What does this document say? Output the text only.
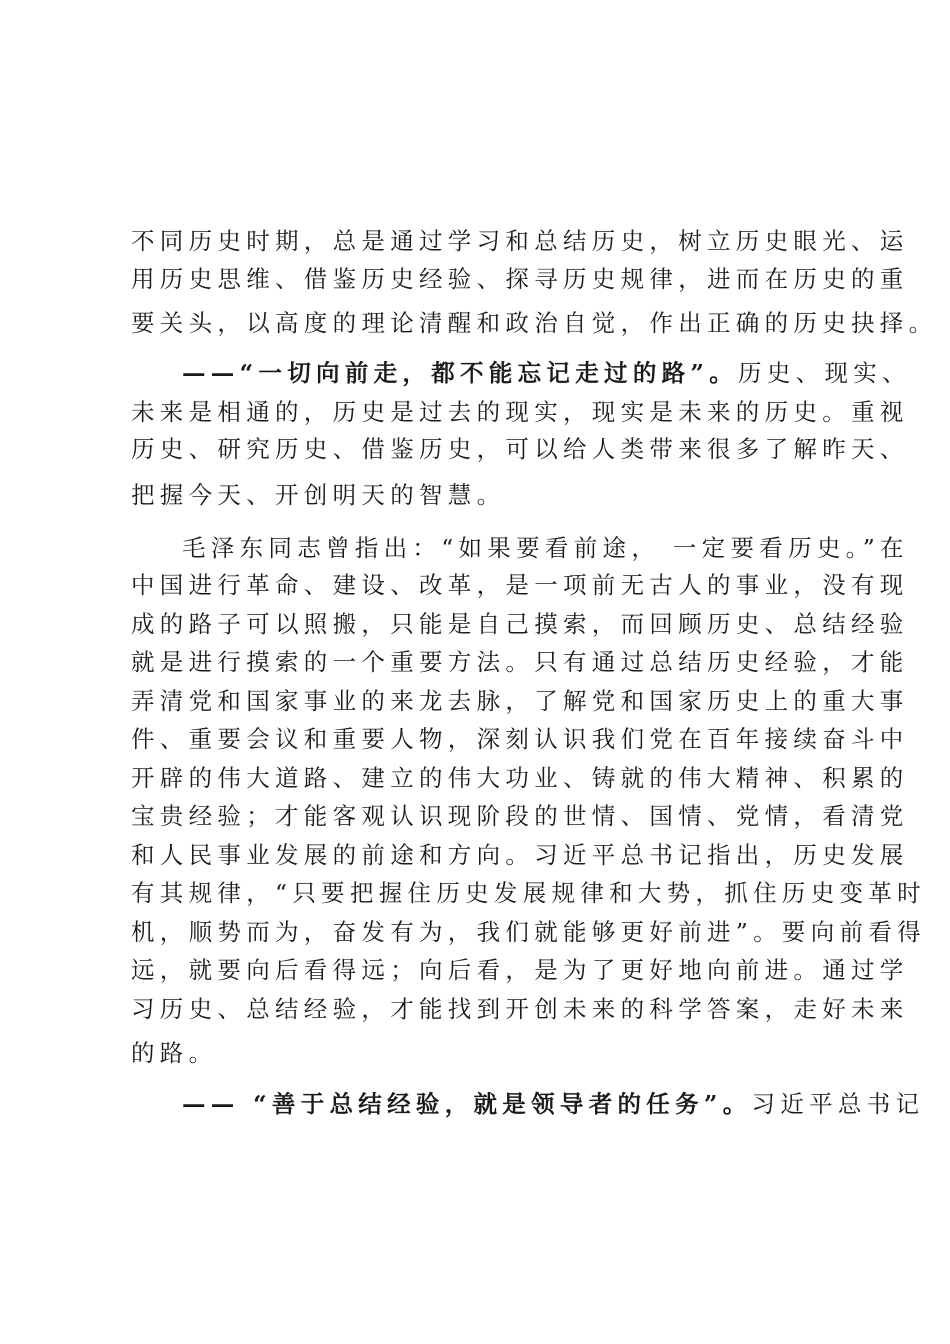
不同历史时期，总是通过学习和总结历史，树立历史眼光、运
用历史思维、借鉴历史经验、探寻历史规律，进而在历史的重
要关头，以高度的理论清醒和政治自觉，作出正确的历史抉择。
——“一切向前走，都不能忘记走过的路”。历史、现实、
未来是相通的，历史是过去的现实，现实是未来的历史。重视
历史、研究历史、借鉴历史，可以给人类带来很多了解昨天、
把握今天、开创明天的智慧。
毛泽东同志曾指出：“如果要看前途， 一定要看历史。”在
中国进行革命、建设、改革，是一项前无古人的事业，没有现
成的路子可以照搬，只能是自己摸索，而回顾历史、总结经验
就是进行摸索的一个重要方法。只有通过总结历史经验，才能
弄清党和国家事业的来龙去脉，了解党和国家历史上的重大事
件、重要会议和重要人物，深刻认识我们党在百年接续奋斗中
开辟的伟大道路、建立的伟大功业、铸就的伟大精神、积累的
宝贵经验；才能客观认识现阶段的世情、国情、党情，看清党
和人民事业发展的前途和方向。习近平总书记指出，历史发展
有其规律，“只要把握住历史发展规律和大势，抓住历史变革时
机，顺势而为，奋发有为，我们就能够更好前进”。要向前看得
远，就要向后看得远；向后看，是为了更好地向前进。通过学
习历史、总结经验，才能找到开创未来的科学答案，走好未来
的路。
—— “善于总结经验，就是领导者的任务”。习近平总书记
